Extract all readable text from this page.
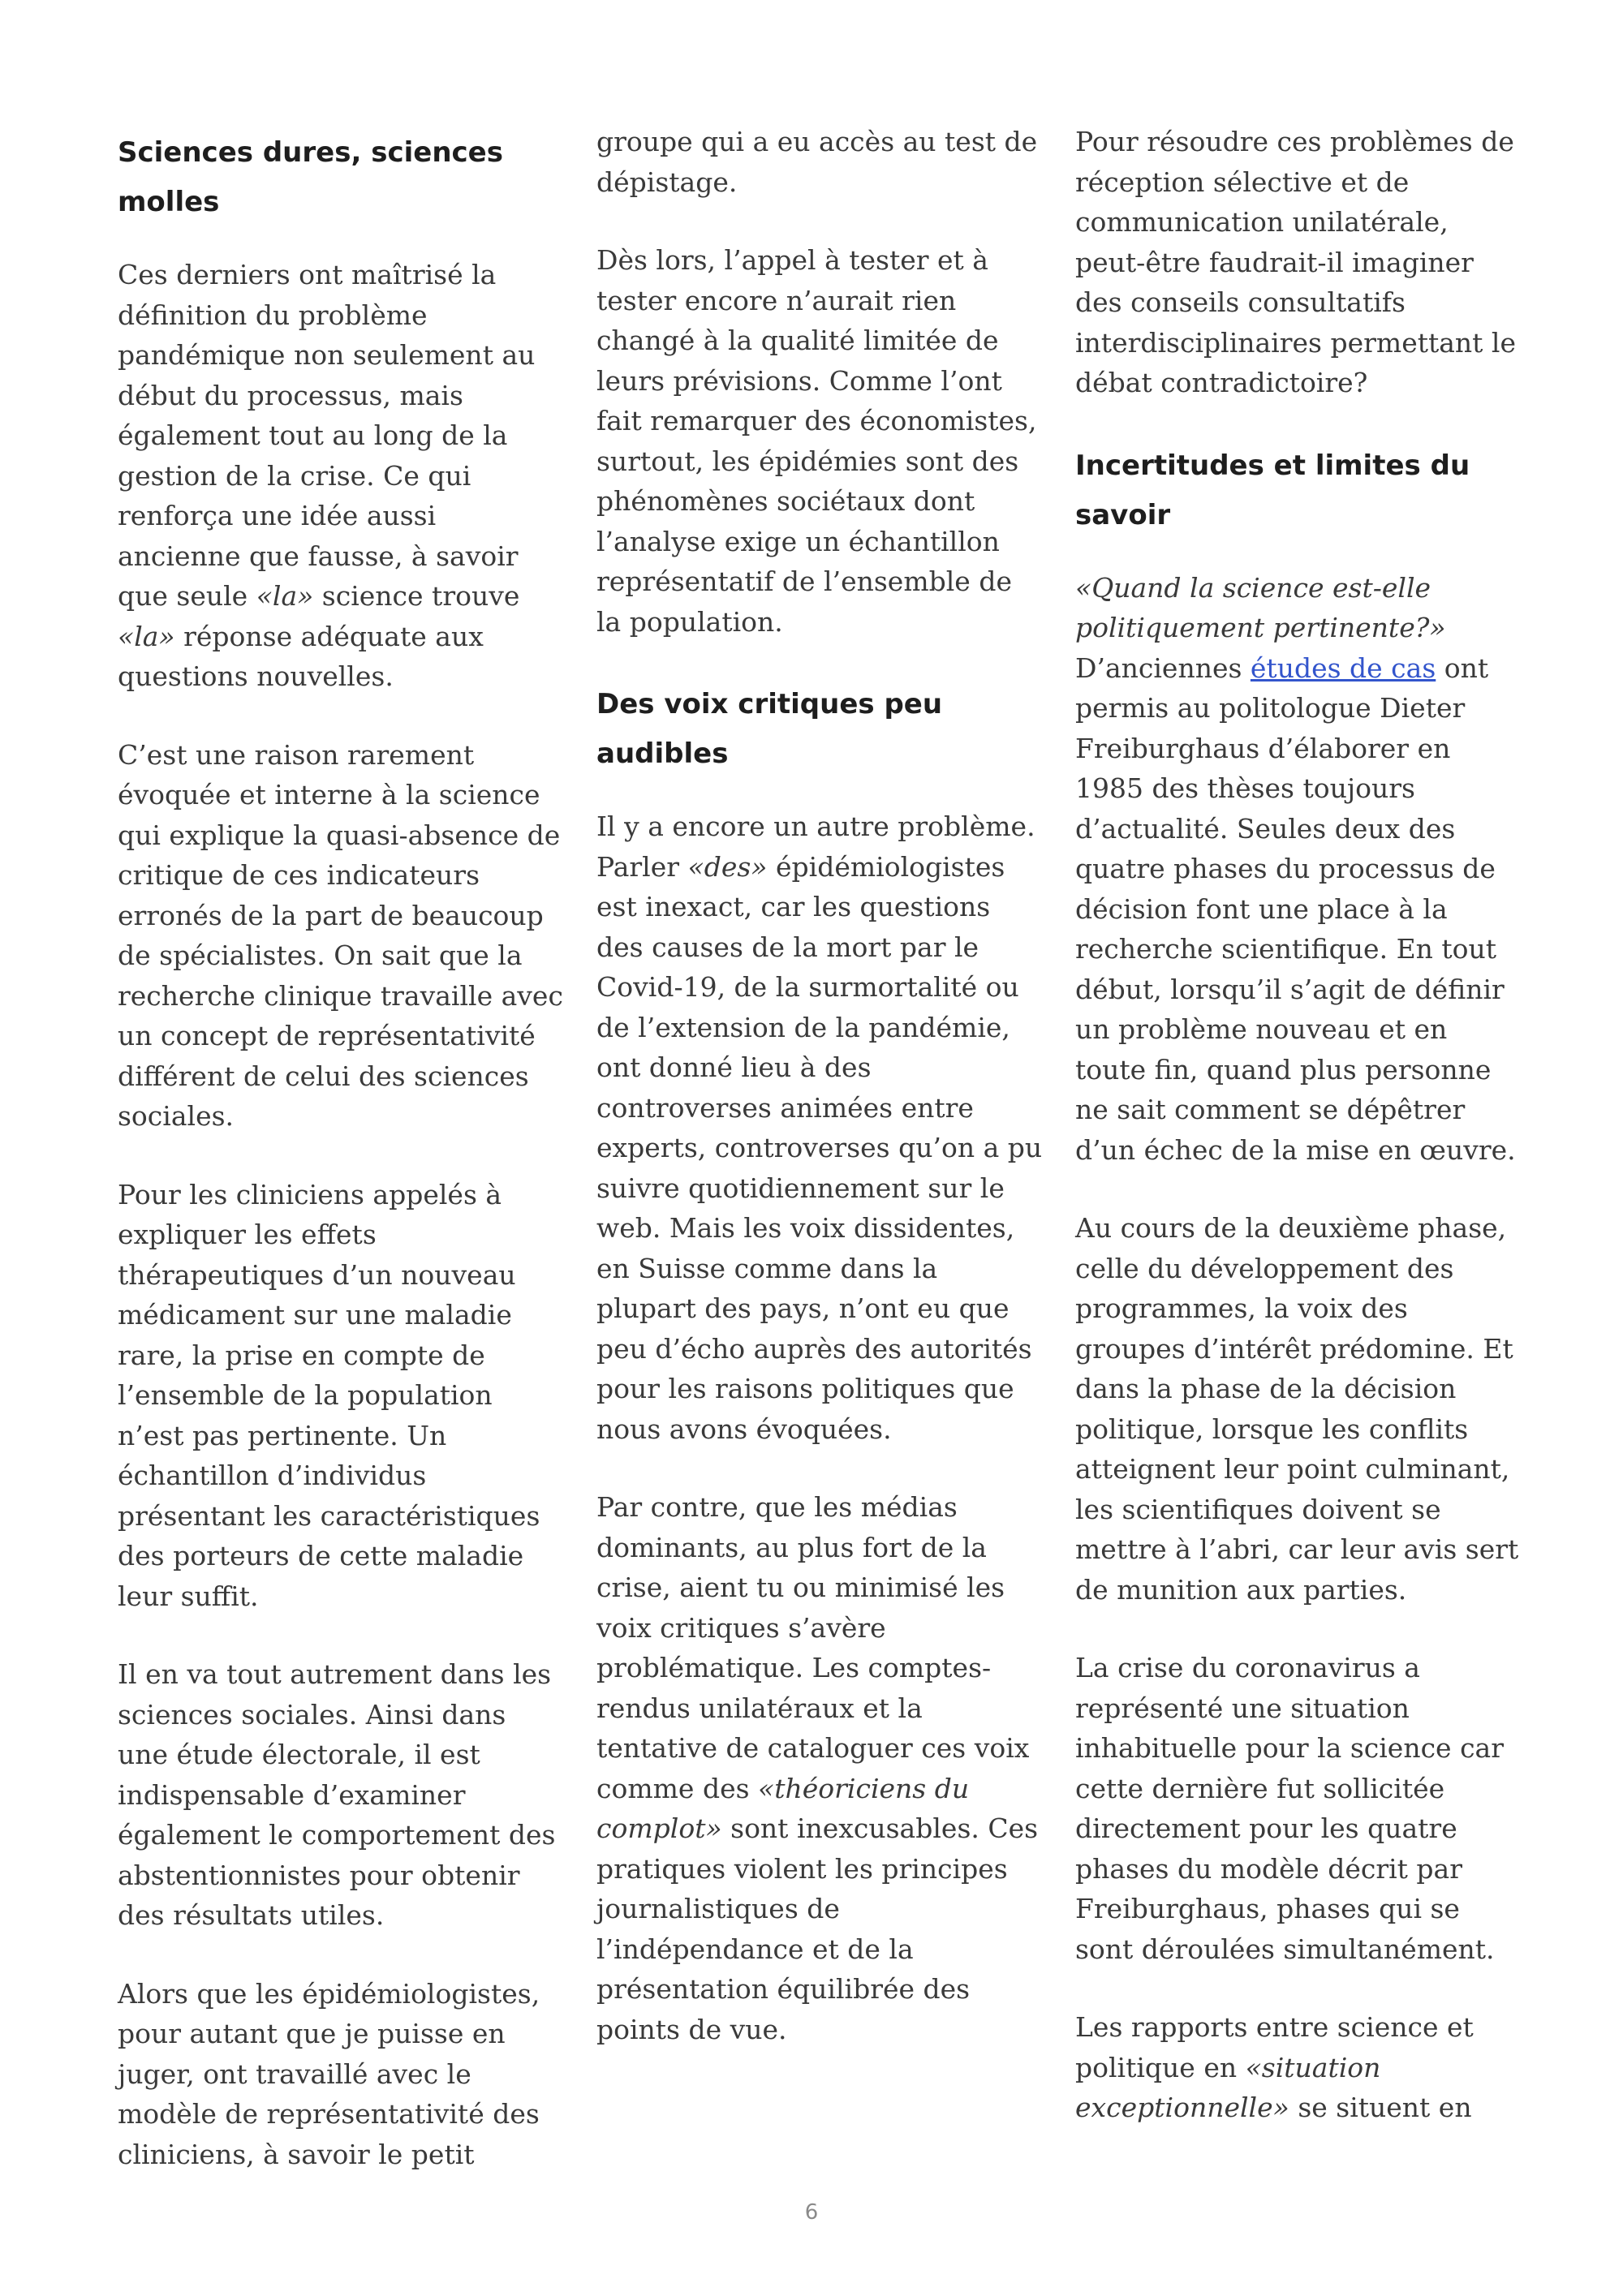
Sciences dures, sciences molles

Ces derniers ont maîtrisé la définition du problème pandémique non seulement au début du processus, mais également tout au long de la gestion de la crise. Ce qui renforça une idée aussi ancienne que fausse, à savoir que seule «la» science trouve «la» réponse adéquate aux questions nouvelles.

C’est une raison rarement évoquée et interne à la science qui explique la quasi-absence de critique de ces indicateurs erronés de la part de beaucoup de spécialistes. On sait que la recherche clinique travaille avec un concept de représentativité différent de celui des sciences sociales.

Pour les cliniciens appelés à expliquer les effets thérapeutiques d’un nouveau médicament sur une maladie rare, la prise en compte de l’ensemble de la population n’est pas pertinente. Un échantillon d’individus présentant les caractéristiques des porteurs de cette maladie leur suffit.

Il en va tout autrement dans les sciences sociales. Ainsi dans une étude électorale, il est indispensable d’examiner également le comportement des abstentionnistes pour obtenir des résultats utiles.

Alors que les épidémiologistes, pour autant que je puisse en juger, ont travaillé avec le modèle de représentativité des cliniciens, à savoir le petit

groupe qui a eu accès au test de dépistage.

Dès lors, l’appel à tester et à tester encore n’aurait rien changé à la qualité limitée de leurs prévisions. Comme l’ont fait remarquer des économistes, surtout, les épidémies sont des phénomènes sociétaux dont l’analyse exige un échantillon représentatif de l’ensemble de la population.

Des voix critiques peu audibles

Il y a encore un autre problème. Parler «des» épidémiologistes est inexact, car les questions des causes de la mort par le Covid-19, de la surmortalité ou de l’extension de la pandémie, ont donné lieu à des controverses animées entre experts, controverses qu’on a pu suivre quotidiennement sur le web. Mais les voix dissidentes, en Suisse comme dans la plupart des pays, n’ont eu que peu d’écho auprès des autorités pour les raisons politiques que nous avons évoquées.

Par contre, que les médias dominants, au plus fort de la crise, aient tu ou minimisé les voix critiques s’avère problématique. Les comptes-rendus unilatéraux et la tentative de cataloguer ces voix comme des «théoriciens du complot» sont inexcusables. Ces pratiques violent les principes journalistiques de l’indépendance et de la présentation équilibrée des points de vue.

Pour résoudre ces problèmes de réception sélective et de communication unilatérale, peut-être faudrait-il imaginer des conseils consultatifs interdisciplinaires permettant le débat contradictoire?

Incertitudes et limites du savoir

«Quand la science est-elle politiquement pertinente?» D’anciennes études de cas ont permis au politologue Dieter Freiburghaus d’élaborer en 1985 des thèses toujours d’actualité. Seules deux des quatre phases du processus de décision font une place à la recherche scientifique. En tout début, lorsqu’il s’agit de définir un problème nouveau et en toute fin, quand plus personne ne sait comment se dépêtrer d’un échec de la mise en œuvre.

Au cours de la deuxième phase, celle du développement des programmes, la voix des groupes d’intérêt prédomine. Et dans la phase de la décision politique, lorsque les conflits atteignent leur point culminant, les scientifiques doivent se mettre à l’abri, car leur avis sert de munition aux parties.

La crise du coronavirus a représenté une situation inhabituelle pour la science car cette dernière fut sollicitée directement pour les quatre phases du modèle décrit par Freiburghaus, phases qui se sont déroulées simultanément.

Les rapports entre science et politique en «situation exceptionnelle» se situent en

6
